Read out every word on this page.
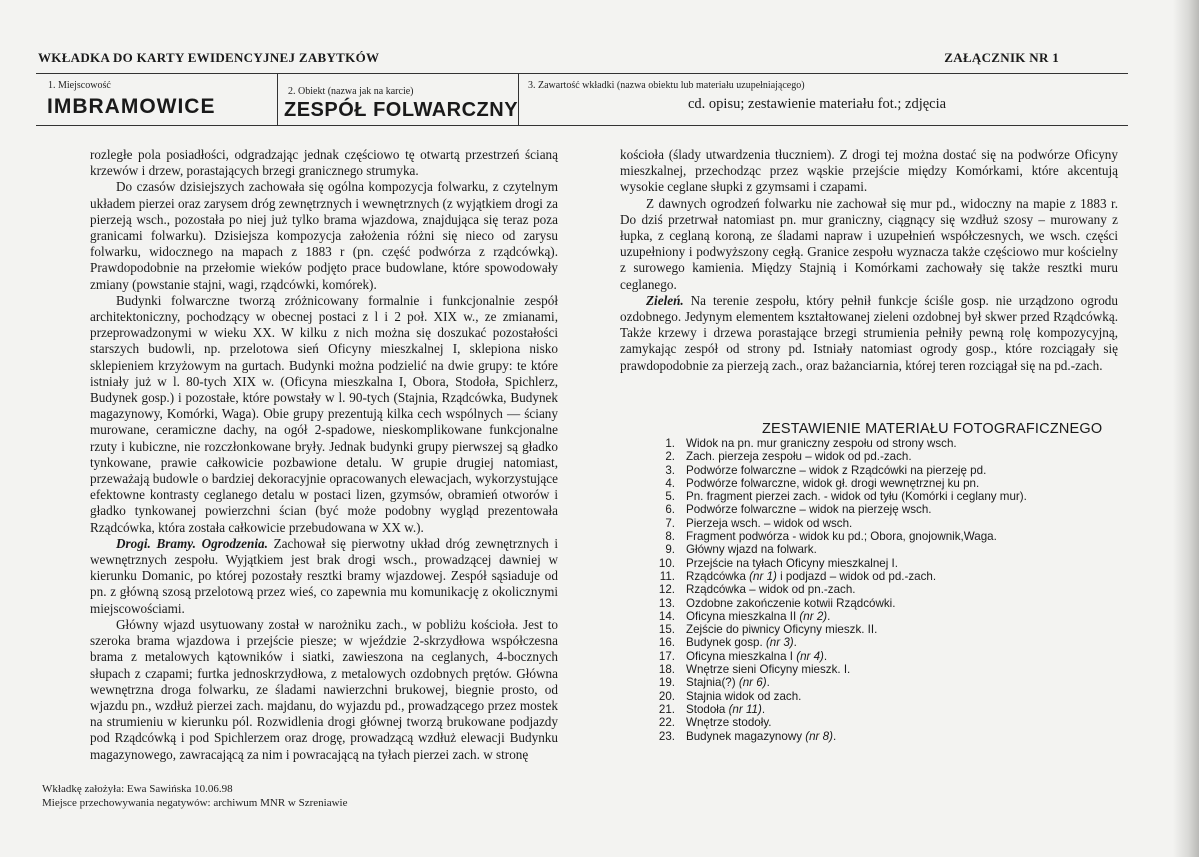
WKŁADKA DO KARTY EWIDENCYJNEJ ZABYTKÓW	ZAŁĄCZNIK NR 1
1. Miejscowość
IMBRAMOWICE
2. Obiekt (nazwa jak na karcie)
ZESPÓŁ FOLWARCZNY
3. Zawartość wkładki (nazwa obiektu lub materiału uzupełniającego)
cd. opisu; zestawienie materiału fot.; zdjęcia

rozległe pola posiadłości, odgradzając jednak częściowo tę otwartą przestrzeń ścianą krzewów i drzew, porastających brzegi granicznego strumyka.

Do czasów dzisiejszych zachowała się ogólna kompozycja folwarku, z czytelnym układem pierzei oraz zarysem dróg zewnętrznych i wewnętrznych (z wyjątkiem drogi za pierzeją wsch., pozostała po niej już tylko brama wjazdowa, znajdująca się teraz poza granicami folwarku). Dzisiejsza kompozycja założenia różni się nieco od zarysu folwarku, widocznego na mapach z 1883 r (pn. część podwórza z rządcówką). Prawdopodobnie na przełomie wieków podjęto prace budowlane, które spowodowały zmiany (powstanie stajni, wagi, rządcówki, komórek).

Budynki folwarczne tworzą zróżnicowany formalnie i funkcjonalnie zespół architektoniczny, pochodzący w obecnej postaci z l i 2 poł. XIX w., ze zmianami, przeprowadzonymi w wieku XX. W kilku z nich można się doszukać pozostałości starszych budowli, np. przelotowa sień Oficyny mieszkalnej I, sklepiona nisko sklepieniem krzyżowym na gurtach. Budynki można podzielić na dwie grupy: te które istniały już w l. 80-tych XIX w. (Oficyna mieszkalna I, Obora, Stodoła, Spichlerz, Budynek gosp.) i pozostałe, które powstały w l. 90-tych (Stajnia, Rządcówka, Budynek magazynowy, Komórki, Waga). Obie grupy prezentują kilka cech wspólnych — ściany murowane, ceramiczne dachy, na ogół 2-spadowe, nieskomplikowane funkcjonalne rzuty i kubiczne, nie rozczłonkowane bryły. Jednak budynki grupy pierwszej są gładko tynkowane, prawie całkowicie pozbawione detalu. W grupie drugiej natomiast, przeważają budowle o bardziej dekoracyjnie opracowanych elewacjach, wykorzystujące efektowne kontrasty ceglanego detalu w postaci lizen, gzymsów, obramień otworów i gładko tynkowanej powierzchni ścian (być może podobny wygląd prezentowała Rządcówka, która została całkowicie przebudowana w XX w.).

Drogi. Bramy. Ogrodzenia. Zachował się pierwotny układ dróg zewnętrznych i wewnętrznych zespołu. Wyjątkiem jest brak drogi wsch., prowadzącej dawniej w kierunku Domanic, po której pozostały resztki bramy wjazdowej. Zespół sąsiaduje od pn. z główną szosą przelotową przez wieś, co zapewnia mu komunikację z okolicznymi miejscowościami.

Główny wjazd usytuowany został w narożniku zach., w pobliżu kościoła. Jest to szeroka brama wjazdowa i przejście piesze; w wjeździe 2-skrzydłowa współczesna brama z metalowych kątowników i siatki, zawieszona na ceglanych, 4-bocznych słupach z czapami; furtka jednoskrzydłowa, z metalowych ozdobnych prętów. Główna wewnętrzna droga folwarku, ze śladami nawierzchni brukowej, biegnie prosto, od wjazdu pn., wzdłuż pierzei zach. majdanu, do wyjazdu pd., prowadzącego przez mostek na strumieniu w kierunku pól. Rozwidlenia drogi głównej tworzą brukowane podjazdy pod Rządcówką i pod Spichlerzem oraz drogę, prowadzącą wzdłuż elewacji Budynku magazynowego, zawracającą za nim i powracającą na tyłach pierzei zach. w stronę

kościoła (ślady utwardzenia tłuczniem). Z drogi tej można dostać się na podwórze Oficyny mieszkalnej, przechodząc przez wąskie przejście między Komórkami, które akcentują wysokie ceglane słupki z gzymsami i czapami.

Z dawnych ogrodzeń folwarku nie zachował się mur pd., widoczny na mapie z 1883 r. Do dziś przetrwał natomiast pn. mur graniczny, ciągnący się wzdłuż szosy – murowany z łupka, z ceglaną koroną, ze śladami napraw i uzupełnień współczesnych, we wsch. części uzupełniony i podwyższony cegłą. Granice zespołu wyznacza także częściowo mur kościelny z surowego kamienia. Między Stajnią i Komórkami zachowały się także resztki muru ceglanego.

Zieleń. Na terenie zespołu, który pełnił funkcje ściśle gosp. nie urządzono ogrodu ozdobnego. Jedynym elementem kształtowanej zieleni ozdobnej był skwer przed Rządcówką. Także krzewy i drzewa porastające brzegi strumienia pełniły pewną rolę kompozycyjną, zamykając zespół od strony pd. Istniały natomiast ogrody gosp., które rozciągały się prawdopodobnie za pierzeją zach., oraz bażanciarnia, której teren rozciągał się na pd.-zach.

ZESTAWIENIE MATERIAŁU FOTOGRAFICZNEGO
1. Widok na pn. mur graniczny zespołu od strony wsch.
2. Zach. pierzeja zespołu – widok od pd.-zach.
3. Podwórze folwarczne – widok z Rządcówki na pierzeję pd.
4. Podwórze folwarczne, widok gł. drogi wewnętrznej ku pn.
5. Pn. fragment pierzei zach. - widok od tyłu (Komórki i ceglany mur).
6. Podwórze folwarczne – widok na pierzeję wsch.
7. Pierzeja wsch. – widok od wsch.
8. Fragment podwórza - widok ku pd.; Obora, gnojownik,Waga.
9. Główny wjazd na folwark.
10. Przejście na tyłach Oficyny mieszkalnej I.
11. Rządcówka (nr 1) i podjazd – widok od pd.-zach.
12. Rządcówka – widok od pn.-zach.
13. Ozdobne zakończenie kotwii Rządcówki.
14. Oficyna mieszkalna II (nr 2).
15. Zejście do piwnicy Oficyny mieszk. II.
16. Budynek gosp. (nr 3).
17. Oficyna mieszkalna I (nr 4).
18. Wnętrze sieni Oficyny mieszk. I.
19. Stajnia(?) (nr 6).
20. Stajnia widok od zach.
21. Stodoła (nr 11).
22. Wnętrze stodoły.
23. Budynek magazynowy (nr 8).
Wkładkę założyła: Ewa Sawińska 10.06.98
Miejsce przechowywania negatywów: archiwum MNR w Szreniawie
